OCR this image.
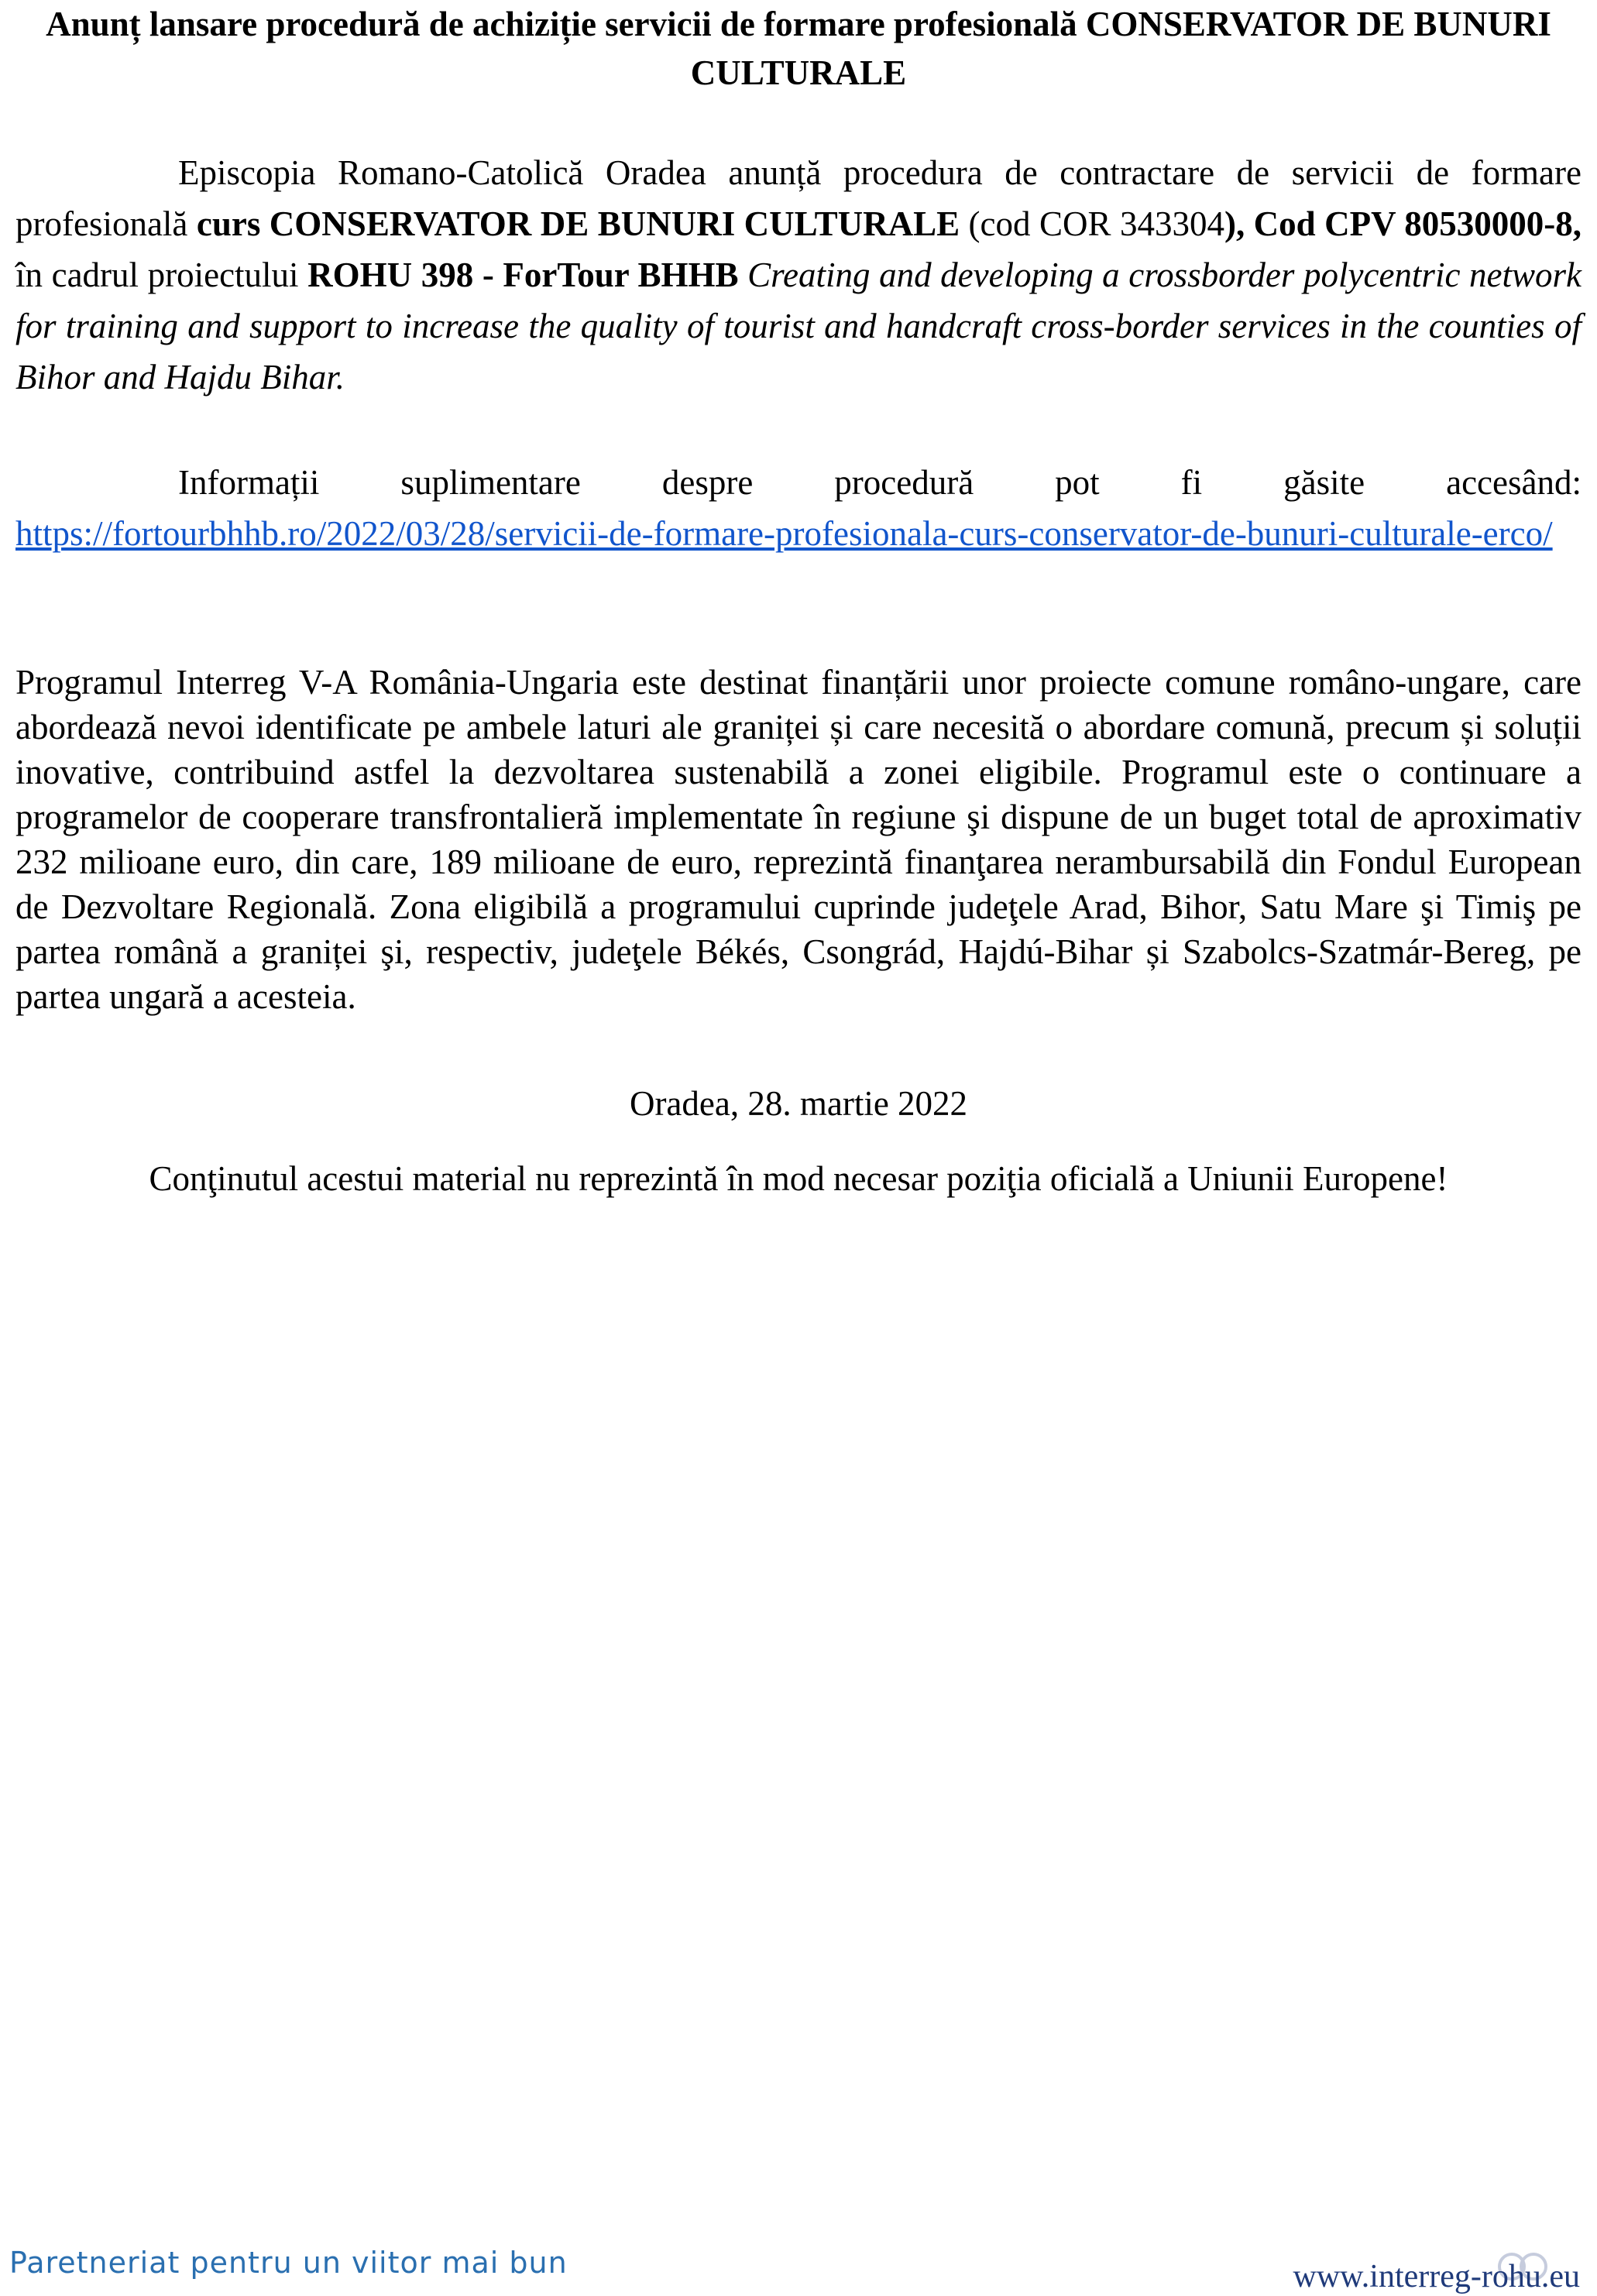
Anunț lansare procedură de achiziție servicii de formare profesională CONSERVATOR DE BUNURI CULTURALE

Episcopia Romano-Catolică Oradea anunță procedura de contractare de servicii de formare profesională curs CONSERVATOR DE BUNURI CULTURALE (cod COR 343304), Cod CPV 80530000-8, în cadrul proiectului ROHU 398 - ForTour BHHB Creating and developing a crossborder polycentric network for training and support to increase the quality of tourist and handcraft cross-border services in the counties of Bihor and Hajdu Bihar.

Informații suplimentare despre procedură pot fi găsite accesând: https://fortourbhhb.ro/2022/03/28/servicii-de-formare-profesionala-curs-conservator-de-bunuri-culturale-erco/

Programul Interreg V-A România-Ungaria este destinat finanțării unor proiecte comune româno-ungare, care abordează nevoi identificate pe ambele laturi ale graniței și care necesită o abordare comună, precum și soluții inovative, contribuind astfel la dezvoltarea sustenabilă a zonei eligibile. Programul este o continuare a programelor de cooperare transfrontalieră implementate în regiune şi dispune de un buget total de aproximativ 232 milioane euro, din care, 189 milioane de euro, reprezintă finanţarea nerambursabilă din Fondul European de Dezvoltare Regională. Zona eligibilă a programului cuprinde judeţele Arad, Bihor, Satu Mare şi Timiş pe partea română a graniței şi, respectiv, judeţele Békés, Csongrád, Hajdú-Bihar și Szabolcs-Szatmár-Bereg, pe partea ungară a acesteia.

Oradea, 28. martie 2022

Conţinutul acestui material nu reprezintă în mod necesar poziţia oficială a Uniunii Europene!

Paretneriat pentru un viitor mai bun	www.interreg-rohu.eu
